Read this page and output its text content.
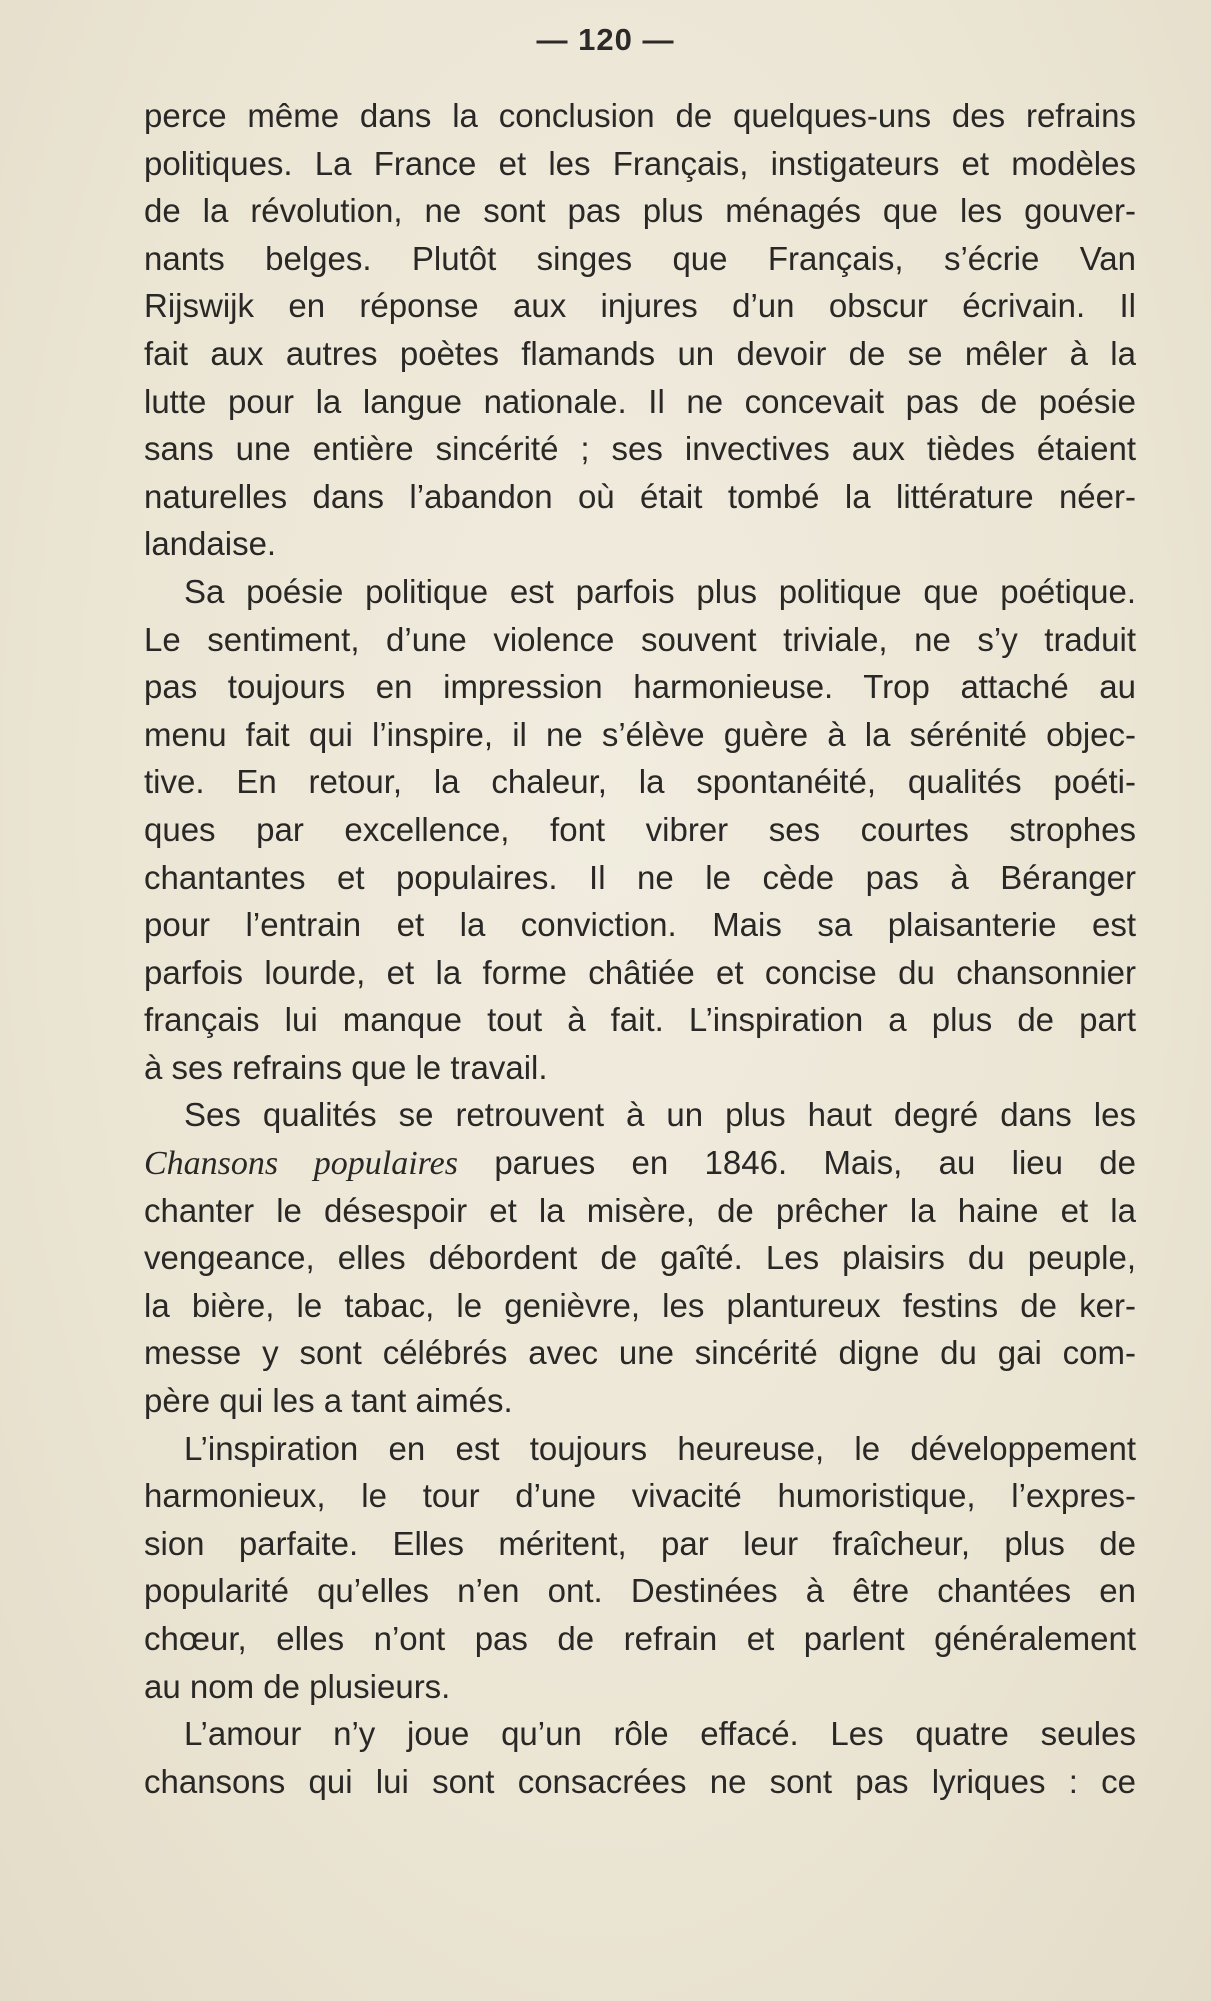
— 120 —
perce même dans la conclusion de quelques-uns des refrains
politiques. La France et les Français, instigateurs et modèles
de la révolution, ne sont pas plus ménagés que les gouver-
nants belges. Plutôt singes que Français, s’écrie Van
Rijswijk en réponse aux injures d’un obscur écrivain. Il
fait aux autres poètes flamands un devoir de se mêler à la
lutte pour la langue nationale. Il ne concevait pas de poésie
sans une entière sincérité ; ses invectives aux tièdes étaient
naturelles dans l’abandon où était tombé la littérature néer-
landaise.
Sa poésie politique est parfois plus politique que poétique.
Le sentiment, d’une violence souvent triviale, ne s’y traduit
pas toujours en impression harmonieuse. Trop attaché au
menu fait qui l’inspire, il ne s’élève guère à la sérénité objec-
tive. En retour, la chaleur, la spontanéité, qualités poéti-
ques par excellence, font vibrer ses courtes strophes
chantantes et populaires. Il ne le cède pas à Béranger
pour l’entrain et la conviction. Mais sa plaisanterie est
parfois lourde, et la forme châtiée et concise du chansonnier
français lui manque tout à fait. L’inspiration a plus de part
à ses refrains que le travail.
Ses qualités se retrouvent à un plus haut degré dans les
Chansons populaires parues en 1846. Mais, au lieu de
chanter le désespoir et la misère, de prêcher la haine et la
vengeance, elles débordent de gaîté. Les plaisirs du peuple,
la bière, le tabac, le genièvre, les plantureux festins de ker-
messe y sont célébrés avec une sincérité digne du gai com-
père qui les a tant aimés.
L’inspiration en est toujours heureuse, le développement
harmonieux, le tour d’une vivacité humoristique, l’expres-
sion parfaite. Elles méritent, par leur fraîcheur, plus de
popularité qu’elles n’en ont. Destinées à être chantées en
chœur, elles n’ont pas de refrain et parlent généralement
au nom de plusieurs.
L’amour n’y joue qu’un rôle effacé. Les quatre seules
chansons qui lui sont consacrées ne sont pas lyriques : ce
